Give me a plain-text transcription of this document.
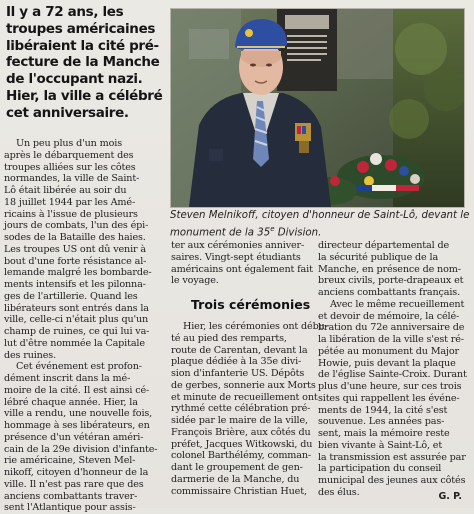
Il y a 72 ans, les
troupes américaines
libéraient la cité pré-
fecture de la Manche
de l'occupant nazi.
Hier, la ville a célébré
cet anniversaire.
Steven Melnikoff, citoyen d'honneur de Saint-Lô, devant le
monument de la 35e Division.
Un peu plus d'un mois
après le débarquement des
troupes alliées sur les côtes
normandes, la ville de Saint-
Lô était libérée au soir du
18 juillet 1944 par les Amé-
ricains à l'issue de plusieurs
jours de combats, l'un des épi-
sodes de la Bataille des haies.
Les troupes US ont dû venir à
bout d'une forte résistance al-
lemande malgré les bombarde-
ments intensifs et les pilonna-
ges de l'artillerie. Quand les
libérateurs sont entrés dans la
ville, celle-ci n'était plus qu'un
champ de ruines, ce qui lui va-
lut d'être nommée la Capitale
des ruines.
Cet événement est profon-
dément inscrit dans la mé-
moire de la cité. Il est ainsi cé-
lébré chaque année. Hier, la
ville a rendu, une nouvelle fois,
hommage à ses libérateurs, en
présence d'un vétéran améri-
cain de la 29e division d'infante-
rie américaine, Steven Mel-
nikoff, citoyen d'honneur de la
ville. Il n'est pas rare que des
anciens combattants traver-
sent l'Atlantique pour assis-
ter aux cérémonies anniver-
saires. Vingt-sept étudiants
américains ont également fait
le voyage.
Trois cérémonies
Hier, les cérémonies ont débu-
té au pied des remparts,
route de Carentan, devant la
plaque dédiée à la 35e divi-
sion d'infanterie US. Dépôts
de gerbes, sonnerie aux Morts
et minute de recueillement ont
rythmé cette célébration pré-
sidée par le maire de la ville,
François Brière, aux côtés du
préfet, Jacques Witkowski, du
colonel Barthélémy, comman-
dant le groupement de gen-
darmerie de la Manche, du
commissaire Christian Huet,
directeur départemental de
la sécurité publique de la
Manche, en présence de nom-
breux civils, porte-drapeaux et
anciens combattants français.
Avec le même recueillement
et devoir de mémoire, la célé-
bration du 72e anniversaire de
la libération de la ville s'est ré-
pétée au monument du Major
Howie, puis devant la plaque
de l'église Sainte-Croix. Durant
plus d'une heure, sur ces trois
sites qui rappellent les événe-
ments de 1944, la cité s'est
souvenue. Les années pas-
sent, mais la mémoire reste
bien vivante à Saint-Lô, et
la transmission est assurée par
la participation du conseil
municipal des jeunes aux côtés
des élus.	G. P.
